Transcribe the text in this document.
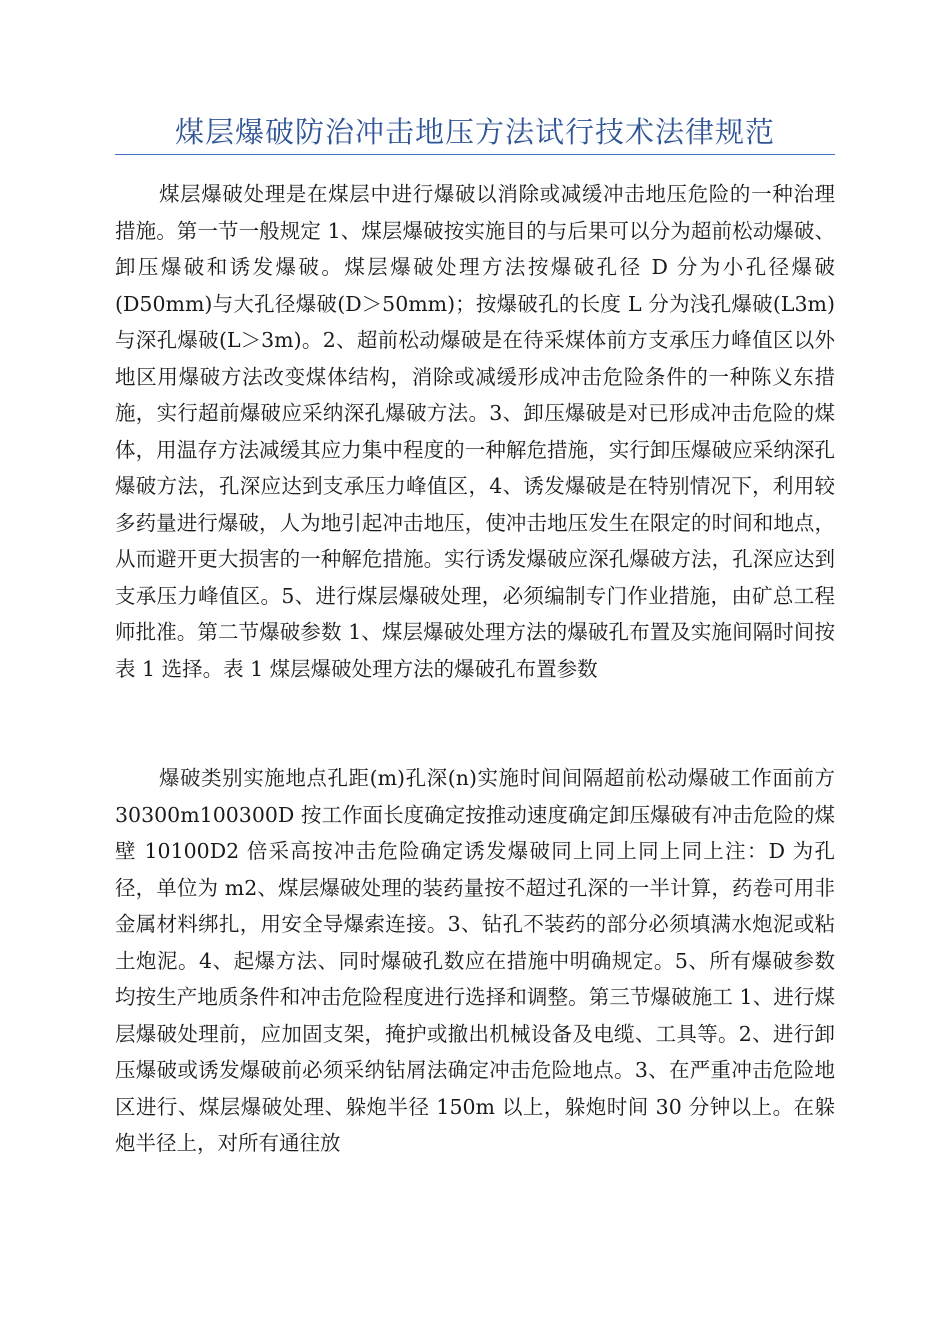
煤层爆破防治冲击地压方法试行技术法律规范

煤层爆破处理是在煤层中进行爆破以消除或减缓冲击地压危险的一种治理措施。第一节一般规定 1、煤层爆破按实施目的与后果可以分为超前松动爆破、卸压爆破和诱发爆破。煤层爆破处理方法按爆破孔径 D 分为小孔径爆破(D50mm)与大孔径爆破(D＞50mm)；按爆破孔的长度 L 分为浅孔爆破(L3m)与深孔爆破(L＞3m)。2、超前松动爆破是在待采煤体前方支承压力峰值区以外地区用爆破方法改变煤体结构，消除或减缓形成冲击危险条件的一种陈义东措施，实行超前爆破应采纳深孔爆破方法。3、卸压爆破是对已形成冲击危险的煤体，用温存方法减缓其应力集中程度的一种解危措施，实行卸压爆破应采纳深孔爆破方法，孔深应达到支承压力峰值区，4、诱发爆破是在特别情况下，利用较多药量进行爆破，人为地引起冲击地压，使冲击地压发生在限定的时间和地点，从而避开更大损害的一种解危措施。实行诱发爆破应深孔爆破方法，孔深应达到支承压力峰值区。5、进行煤层爆破处理，必须编制专门作业措施，由矿总工程师批准。第二节爆破参数 1、煤层爆破处理方法的爆破孔布置及实施间隔时间按表 1 选择。表 1 煤层爆破处理方法的爆破孔布置参数

爆破类别实施地点孔距(m)孔深(n)实施时间间隔超前松动爆破工作面前方 30300m100300D 按工作面长度确定按推动速度确定卸压爆破有冲击危险的煤壁 10100D2 倍采高按冲击危险确定诱发爆破同上同上同上同上注：D 为孔径，单位为 m2、煤层爆破处理的装药量按不超过孔深的一半计算，药卷可用非金属材料绑扎，用安全导爆索连接。3、钻孔不装药的部分必须填满水炮泥或粘土炮泥。4、起爆方法、同时爆破孔数应在措施中明确规定。5、所有爆破参数均按生产地质条件和冲击危险程度进行选择和调整。第三节爆破施工 1、进行煤层爆破处理前，应加固支架，掩护或撤出机械设备及电缆、工具等。2、进行卸压爆破或诱发爆破前必须采纳钻屑法确定冲击危险地点。3、在严重冲击危险地区进行、煤层爆破处理、躲炮半径 150m 以上，躲炮时间 30 分钟以上。在躲炮半径上，对所有通往放
